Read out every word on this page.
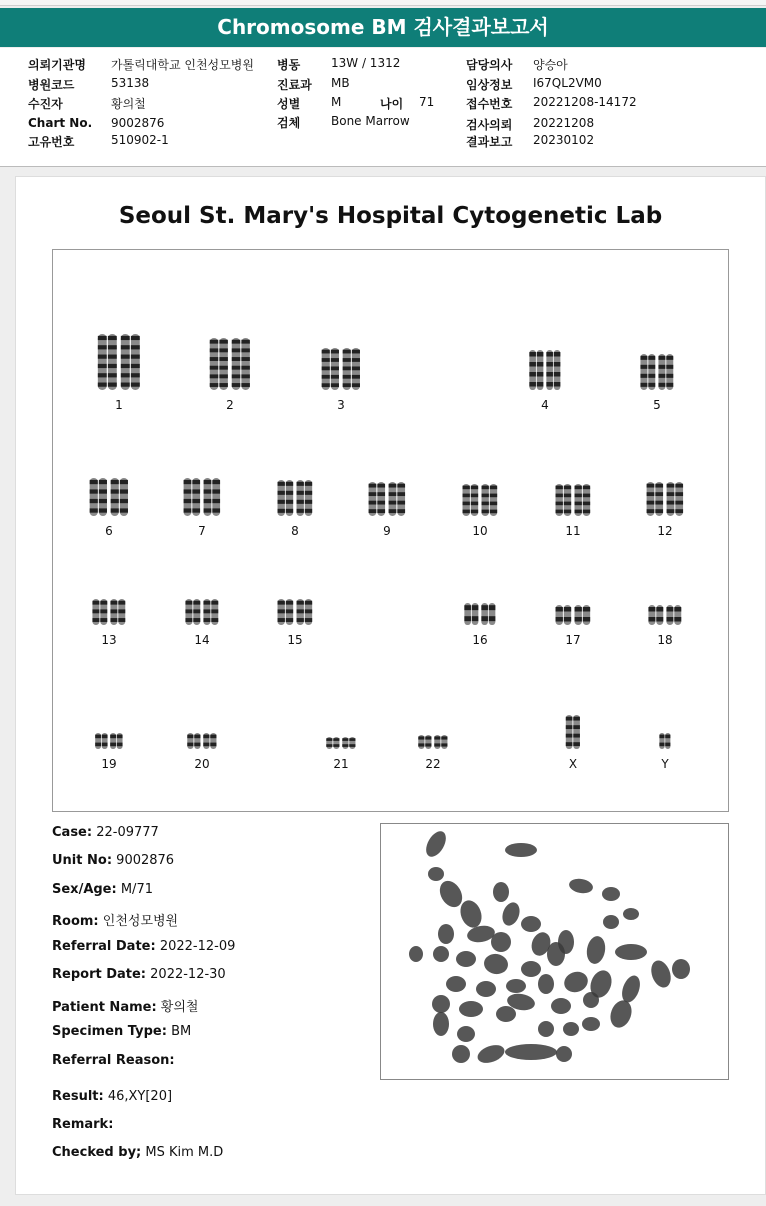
Chromosome BM 검사결과보고서
의뢰기관명 가톨릭대학교 인천성모병원
병원코드	53138
수진자	황의철
Chart No. 9002876
고유번호	510902-1
병동	13W / 1312
진료과 MB
성별	M	나이 71
검체	Bone Marrow
담당의사 양승아
임상정보 I67QL2VM0
접수번호 20221208-14172
검사의뢰 20221208
결과보고 20230102
Seoul St. Mary's Hospital Cytogenetic Lab
1	2	3	4	5
6	7	8	9	10	11	12
13	14	15	16	17	18
19	20	21	22	X	Y
Case: 22-09777
Unit No: 9002876
Sex/Age: M/71
Room: 인천성모병원
Referral Date: 2022-12-09
Report Date: 2022-12-30
Patient Name: 황의철
Specimen Type: BM
Referral Reason:
Result: 46,XY[20]
Remark:
Checked by; MS Kim M.D
